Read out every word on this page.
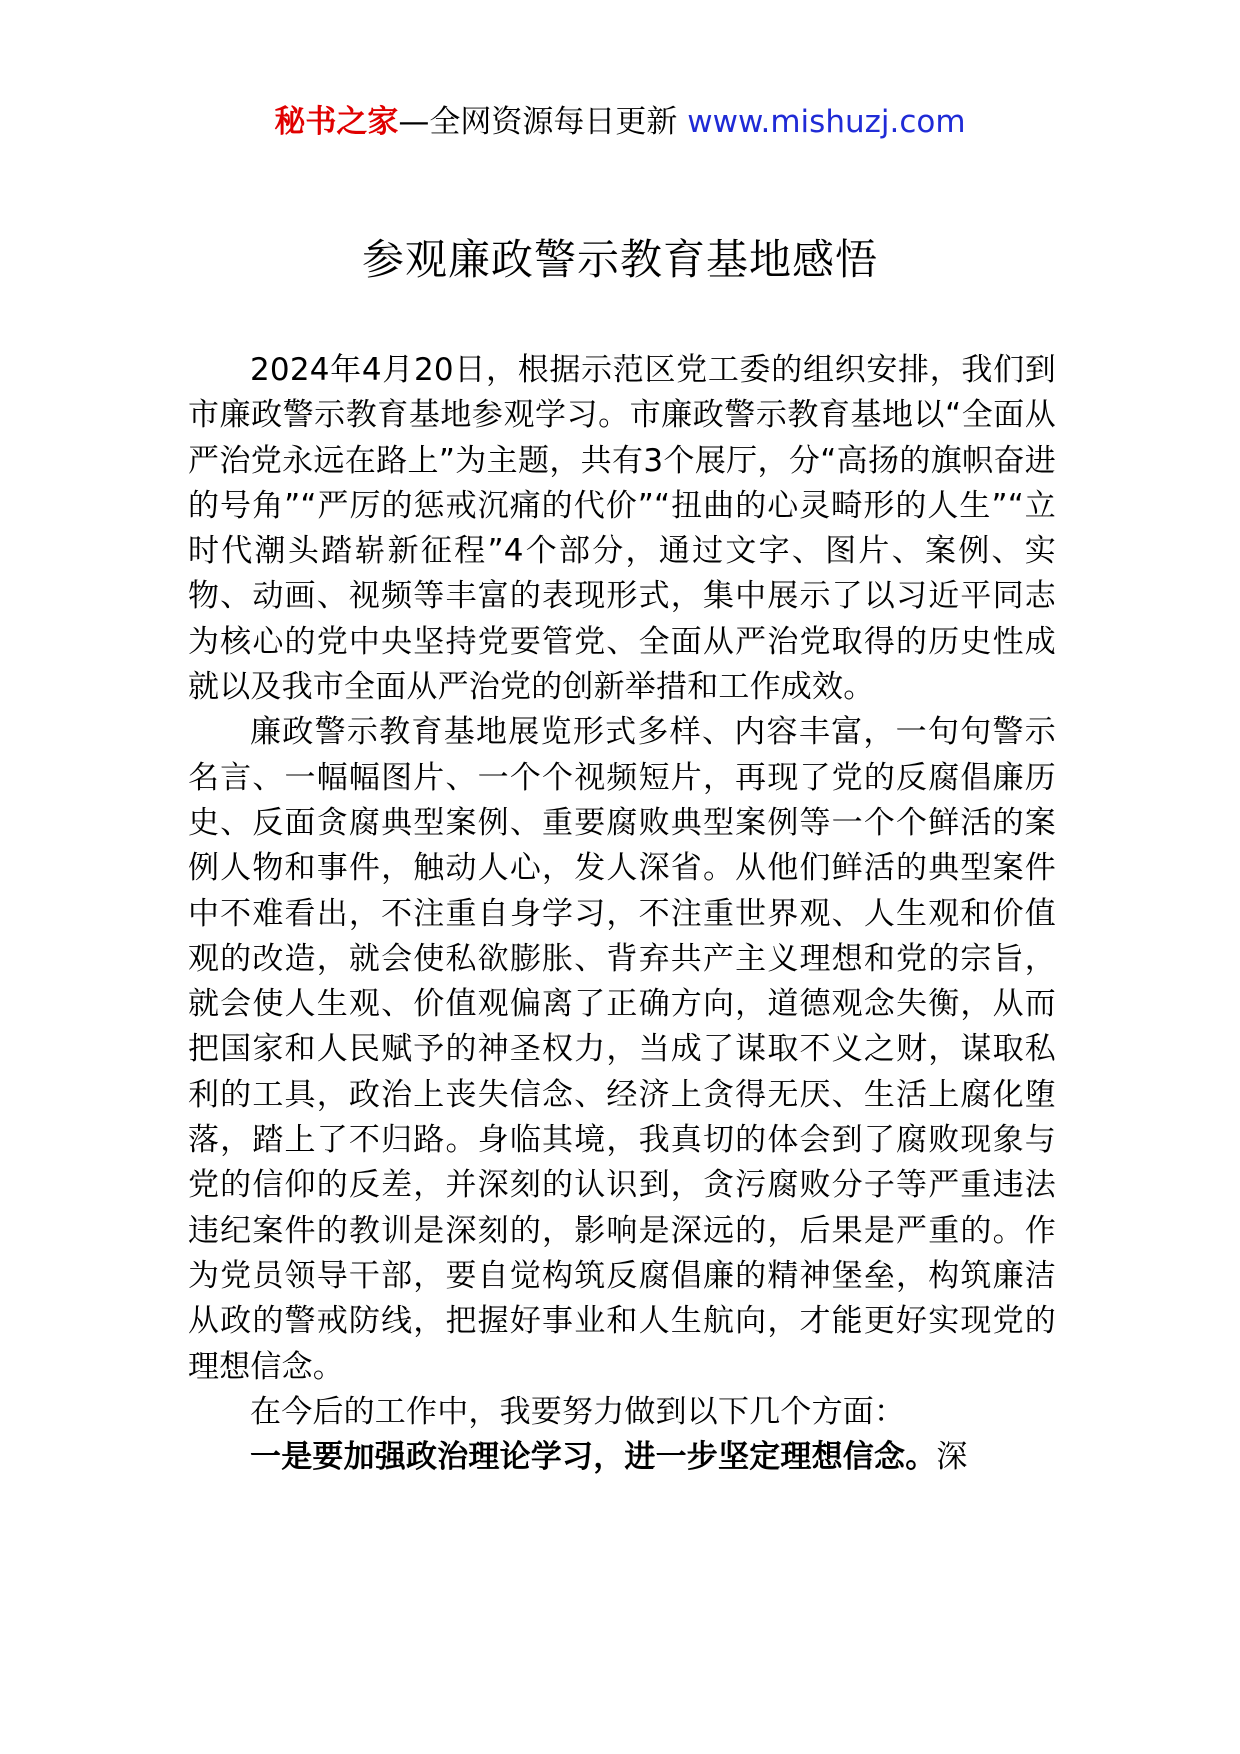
秘书之家—全网资源每日更新 www.mishuzj.com
参观廉政警示教育基地感悟

2024年4月20日，根据示范区党工委的组织安排，我们到市廉政警示教育基地参观学习。市廉政警示教育基地以“全面从严治党永远在路上”为主题，共有3个展厅，分“高扬的旗帜奋进的号角”“严厉的惩戒沉痛的代价”“扭曲的心灵畸形的人生”“立时代潮头踏崭新征程”4个部分，通过文字、图片、案例、实物、动画、视频等丰富的表现形式，集中展示了以习近平同志为核心的党中央坚持党要管党、全面从严治党取得的历史性成就以及我市全面从严治党的创新举措和工作成效。

廉政警示教育基地展览形式多样、内容丰富，一句句警示名言、一幅幅图片、一个个视频短片，再现了党的反腐倡廉历史、反面贪腐典型案例、重要腐败典型案例等一个个鲜活的案例人物和事件，触动人心，发人深省。从他们鲜活的典型案件中不难看出，不注重自身学习，不注重世界观、人生观和价值观的改造，就会使私欲膨胀、背弃共产主义理想和党的宗旨，就会使人生观、价值观偏离了正确方向，道德观念失衡，从而把国家和人民赋予的神圣权力，当成了谋取不义之财，谋取私利的工具，政治上丧失信念、经济上贪得无厌、生活上腐化堕落，踏上了不归路。身临其境，我真切的体会到了腐败现象与党的信仰的反差，并深刻的认识到，贪污腐败分子等严重违法违纪案件的教训是深刻的，影响是深远的，后果是严重的。作为党员领导干部，要自觉构筑反腐倡廉的精神堡垒，构筑廉洁从政的警戒防线，把握好事业和人生航向，才能更好实现党的理想信念。

在今后的工作中，我要努力做到以下几个方面：

一是要加强政治理论学习，进一步坚定理想信念。深
